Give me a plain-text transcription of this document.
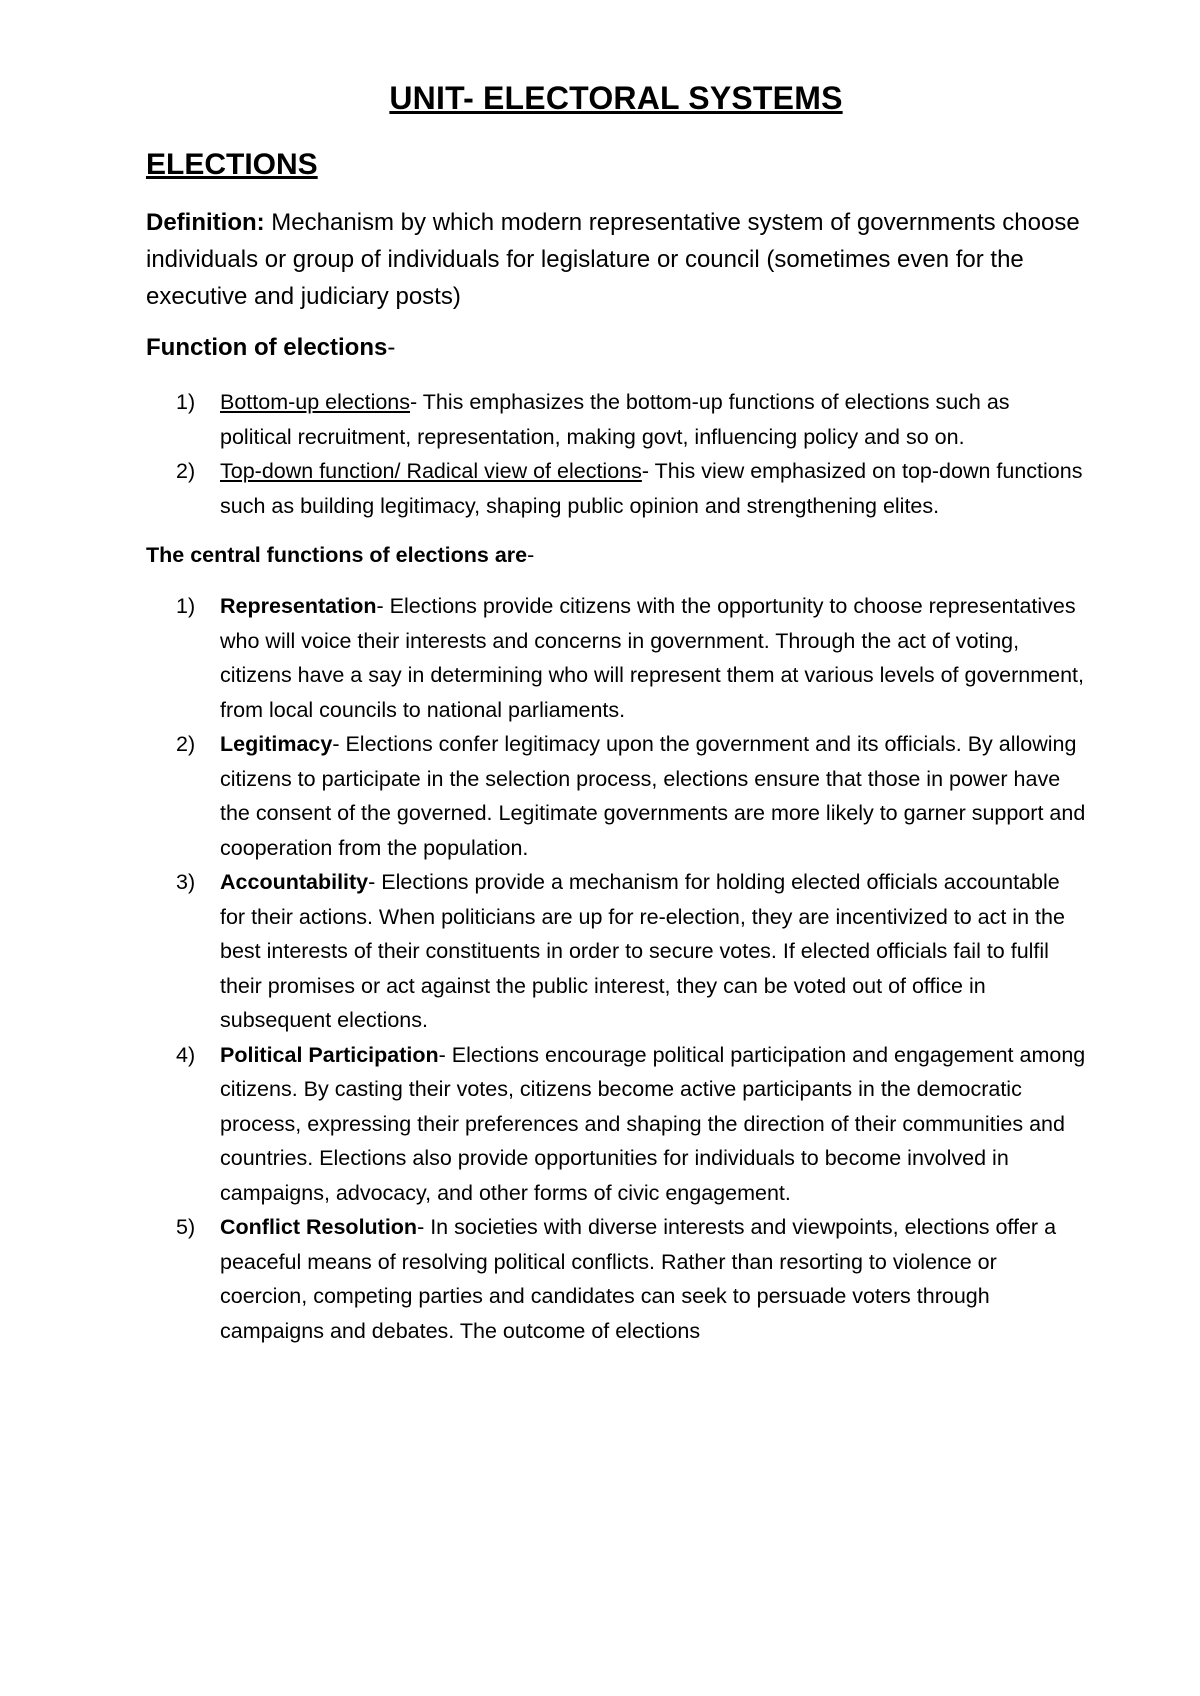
UNIT- ELECTORAL SYSTEMS
ELECTIONS

Definition: Mechanism by which modern representative system of governments choose individuals or group of individuals for legislature or council (sometimes even for the executive and judiciary posts)

Function of elections-
1) Bottom-up elections- This emphasizes the bottom-up functions of elections such as political recruitment, representation, making govt, influencing policy and so on.
2) Top-down function/ Radical view of elections- This view emphasized on top-down functions such as building legitimacy, shaping public opinion and strengthening elites.
The central functions of elections are-
1) Representation- Elections provide citizens with the opportunity to choose representatives who will voice their interests and concerns in government. Through the act of voting, citizens have a say in determining who will represent them at various levels of government, from local councils to national parliaments.
2) Legitimacy- Elections confer legitimacy upon the government and its officials. By allowing citizens to participate in the selection process, elections ensure that those in power have the consent of the governed. Legitimate governments are more likely to garner support and cooperation from the population.
3) Accountability- Elections provide a mechanism for holding elected officials accountable for their actions. When politicians are up for re-election, they are incentivized to act in the best interests of their constituents in order to secure votes. If elected officials fail to fulfil their promises or act against the public interest, they can be voted out of office in subsequent elections.
4) Political Participation- Elections encourage political participation and engagement among citizens. By casting their votes, citizens become active participants in the democratic process, expressing their preferences and shaping the direction of their communities and countries. Elections also provide opportunities for individuals to become involved in campaigns, advocacy, and other forms of civic engagement.
5) Conflict Resolution- In societies with diverse interests and viewpoints, elections offer a peaceful means of resolving political conflicts. Rather than resorting to violence or coercion, competing parties and candidates can seek to persuade voters through campaigns and debates. The outcome of elections
